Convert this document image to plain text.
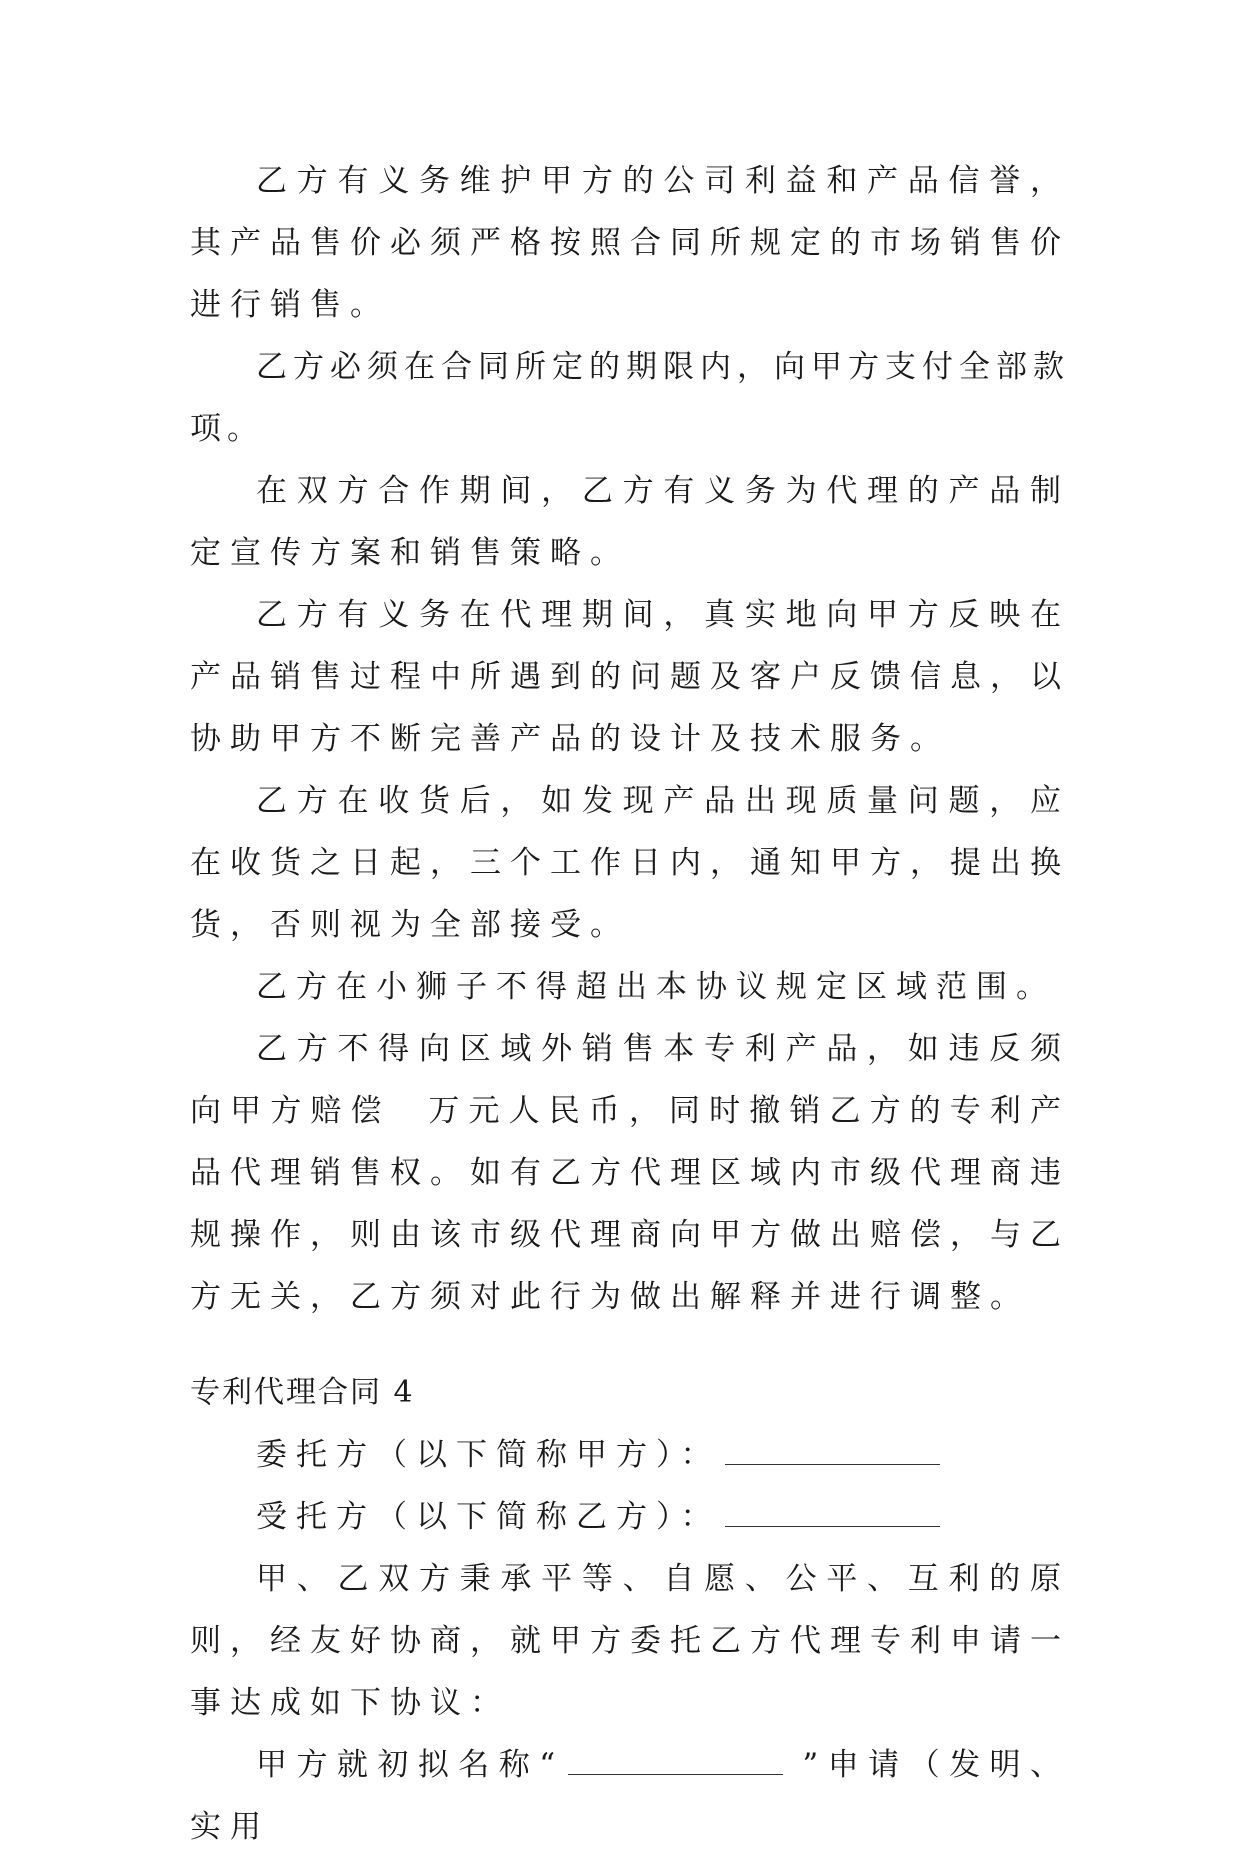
乙方有义务维护甲方的公司利益和产品信誉，其产品售价必须严格按照合同所规定的市场销售价进行销售。

乙方必须在合同所定的期限内，向甲方支付全部款项。

在双方合作期间，乙方有义务为代理的产品制定宣传方案和销售策略。

乙方有义务在代理期间，真实地向甲方反映在产品销售过程中所遇到的问题及客户反馈信息，以协助甲方不断完善产品的设计及技术服务。

乙方在收货后，如发现产品出现质量问题，应在收货之日起，三个工作日内，通知甲方，提出换货，否则视为全部接受。

乙方在小狮子不得超出本协议规定区域范围。

乙方不得向区域外销售本专利产品，如违反须向甲方赔偿  万元人民币，同时撤销乙方的专利产品代理销售权。如有乙方代理区域内市级代理商违规操作，则由该市级代理商向甲方做出赔偿，与乙方无关，乙方须对此行为做出解释并进行调整。

专利代理合同 4

委托方（以下简称甲方）：

受托方（以下简称乙方）：

甲、乙双方秉承平等、自愿、公平、互利的原则，经友好协商，就甲方委托乙方代理专利申请一事达成如下协议：

甲方就初拟名称“	”申请（发明、实用
